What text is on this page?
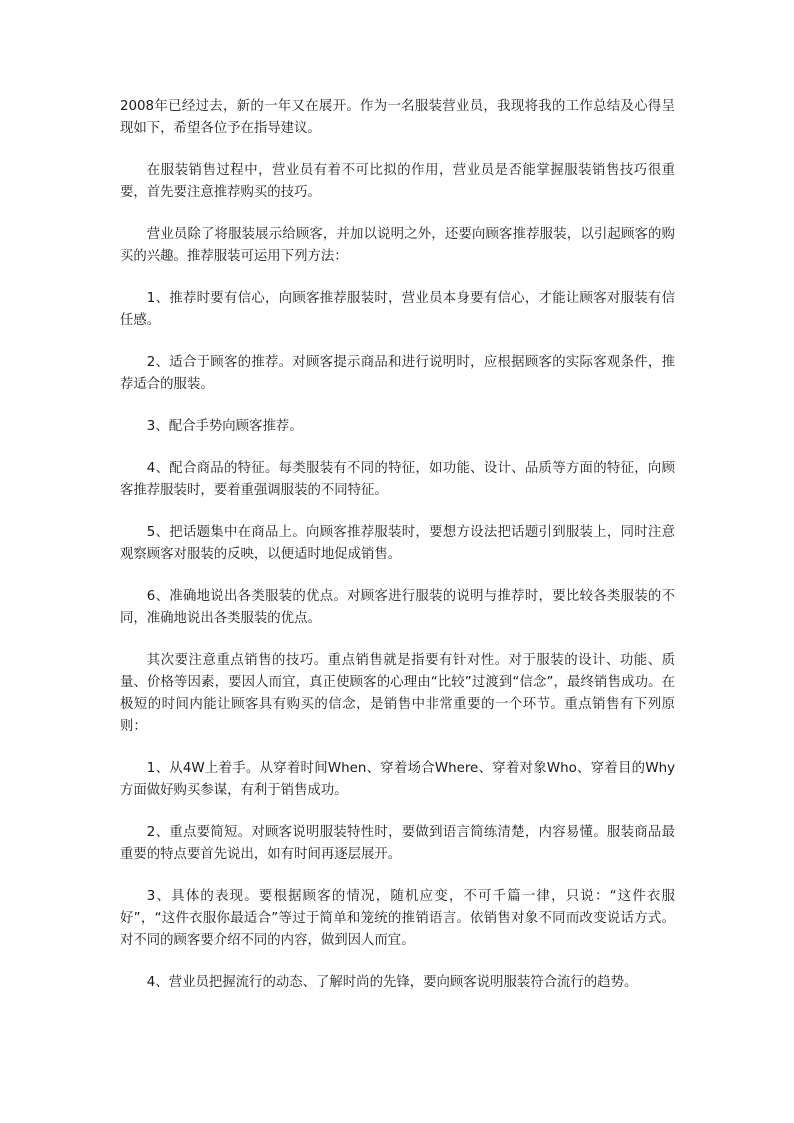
2008年已经过去，新的一年又在展开。作为一名服装营业员，我现将我的工作总结及心得呈现如下，希望各位予在指导建议。

在服装销售过程中，营业员有着不可比拟的作用，营业员是否能掌握服装销售技巧很重要，首先要注意推荐购买的技巧。

营业员除了将服装展示给顾客，并加以说明之外，还要向顾客推荐服装，以引起顾客的购买的兴趣。推荐服装可运用下列方法：

1、推荐时要有信心，向顾客推荐服装时，营业员本身要有信心，才能让顾客对服装有信任感。

2、适合于顾客的推荐。对顾客提示商品和进行说明时，应根据顾客的实际客观条件，推荐适合的服装。

3、配合手势向顾客推荐。

4、配合商品的特征。每类服装有不同的特征，如功能、设计、品质等方面的特征，向顾客推荐服装时，要着重强调服装的不同特征。

5、把话题集中在商品上。向顾客推荐服装时，要想方设法把话题引到服装上，同时注意观察顾客对服装的反映，以便适时地促成销售。

6、准确地说出各类服装的优点。对顾客进行服装的说明与推荐时，要比较各类服装的不同，准确地说出各类服装的优点。

其次要注意重点销售的技巧。重点销售就是指要有针对性。对于服装的设计、功能、质量、价格等因素，要因人而宜，真正使顾客的心理由“比较”过渡到“信念”，最终销售成功。在极短的时间内能让顾客具有购买的信念，是销售中非常重要的一个环节。重点销售有下列原则：

1、从4W上着手。从穿着时间When、穿着场合Where、穿着对象Who、穿着目的Why方面做好购买参谋，有利于销售成功。

2、重点要简短。对顾客说明服装特性时，要做到语言简练清楚，内容易懂。服装商品最重要的特点要首先说出，如有时间再逐层展开。

3、具体的表现。要根据顾客的情况，随机应变，不可千篇一律，只说：“这件衣服好”，“这件衣服你最适合”等过于简单和笼统的推销语言。依销售对象不同而改变说话方式。对不同的顾客要介绍不同的内容，做到因人而宜。

4、营业员把握流行的动态、了解时尚的先锋，要向顾客说明服装符合流行的趋势。
